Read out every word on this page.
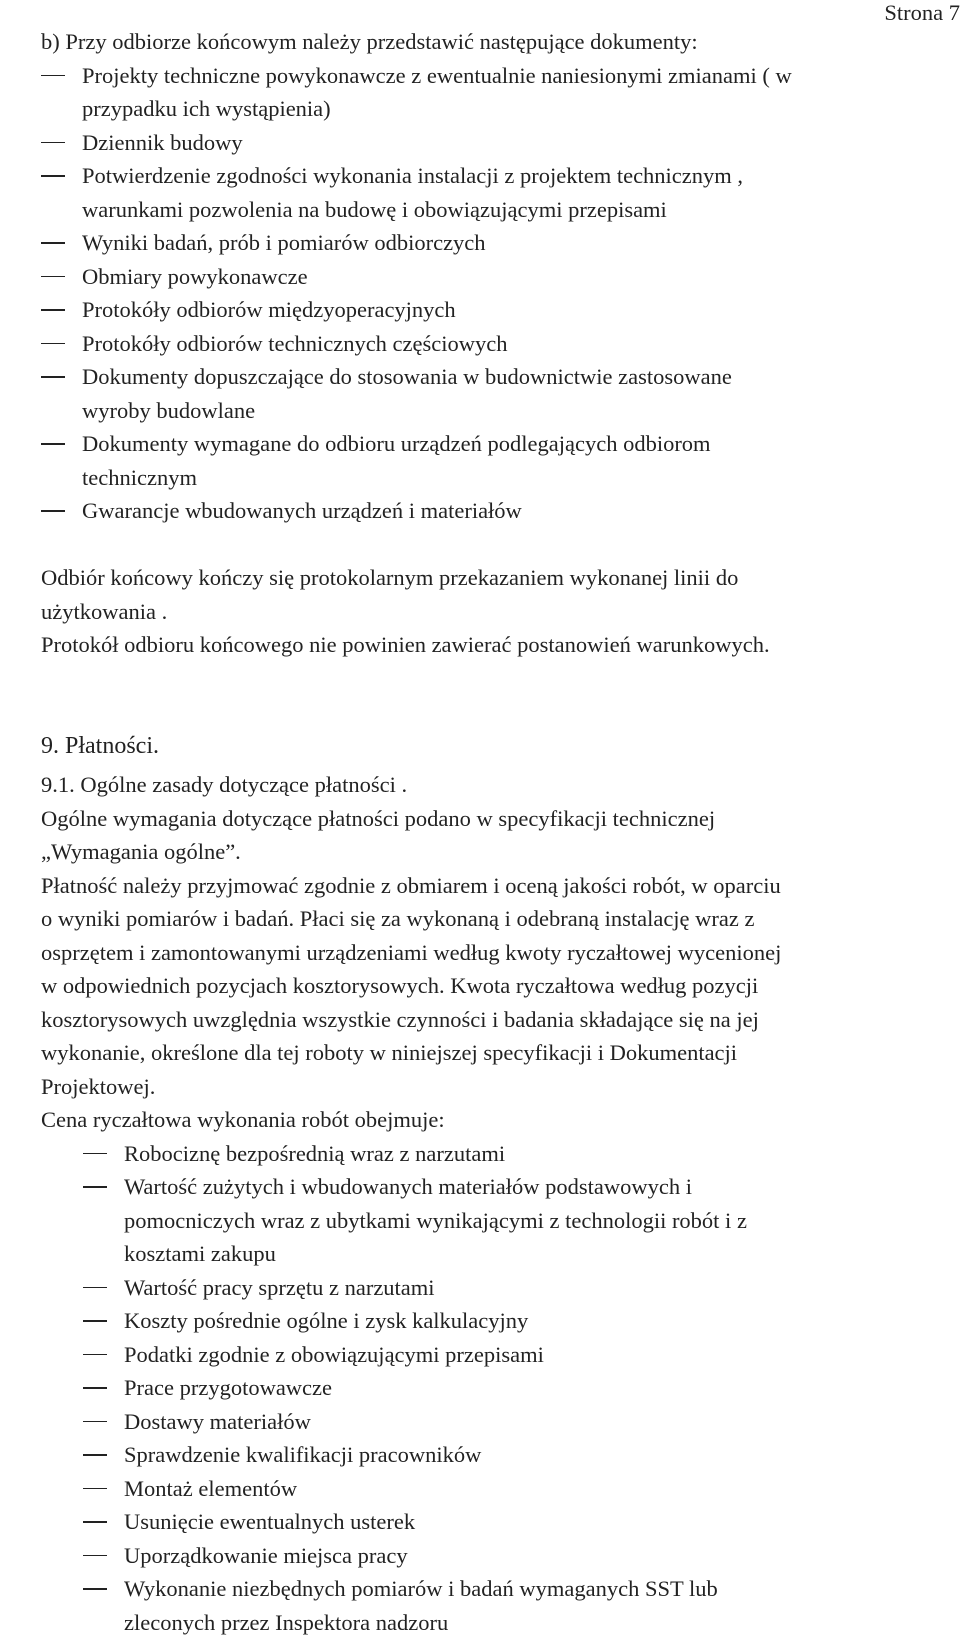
Strona 7
b) Przy odbiorze końcowym należy przedstawić następujące dokumenty:
Projekty techniczne powykonawcze z ewentualnie naniesionymi zmianami ( w
przypadku ich wystąpienia)
Dziennik budowy
Potwierdzenie zgodności wykonania instalacji z projektem technicznym ,
warunkami pozwolenia na budowę i obowiązującymi przepisami
Wyniki badań, prób i pomiarów odbiorczych
Obmiary powykonawcze
Protokóły odbiorów międzyoperacyjnych
Protokóły odbiorów technicznych częściowych
Dokumenty dopuszczające do stosowania w budownictwie zastosowane
wyroby budowlane
Dokumenty wymagane do odbioru urządzeń podlegających odbiorom
technicznym
Gwarancje wbudowanych urządzeń i materiałów
Odbiór końcowy kończy się protokolarnym przekazaniem wykonanej linii do
użytkowania .
Protokół odbioru końcowego nie powinien zawierać postanowień warunkowych.
9. Płatności.
9.1. Ogólne zasady dotyczące płatności .
Ogólne wymagania dotyczące płatności podano w specyfikacji technicznej
„Wymagania ogólne”.
Płatność należy przyjmować zgodnie z obmiarem i oceną jakości robót, w oparciu
o wyniki pomiarów i badań. Płaci się za wykonaną i odebraną instalację wraz z
osprzętem i zamontowanymi urządzeniami według kwoty ryczałtowej wycenionej
w odpowiednich pozycjach kosztorysowych. Kwota ryczałtowa według pozycji
kosztorysowych uwzględnia wszystkie czynności i badania składające się na jej
wykonanie, określone dla tej roboty w niniejszej specyfikacji i Dokumentacji
Projektowej.
Cena ryczałtowa wykonania robót obejmuje:
Robociznę bezpośrednią wraz z narzutami
Wartość zużytych i wbudowanych materiałów podstawowych i
pomocniczych wraz z ubytkami wynikającymi z technologii robót i z
kosztami zakupu
Wartość pracy sprzętu z narzutami
Koszty pośrednie ogólne i zysk kalkulacyjny
Podatki zgodnie z obowiązującymi przepisami
Prace przygotowawcze
Dostawy materiałów
Sprawdzenie kwalifikacji pracowników
Montaż elementów
Usunięcie ewentualnych usterek
Uporządkowanie miejsca pracy
Wykonanie niezbędnych pomiarów i badań wymaganych SST lub
zleconych przez Inspektora nadzoru
